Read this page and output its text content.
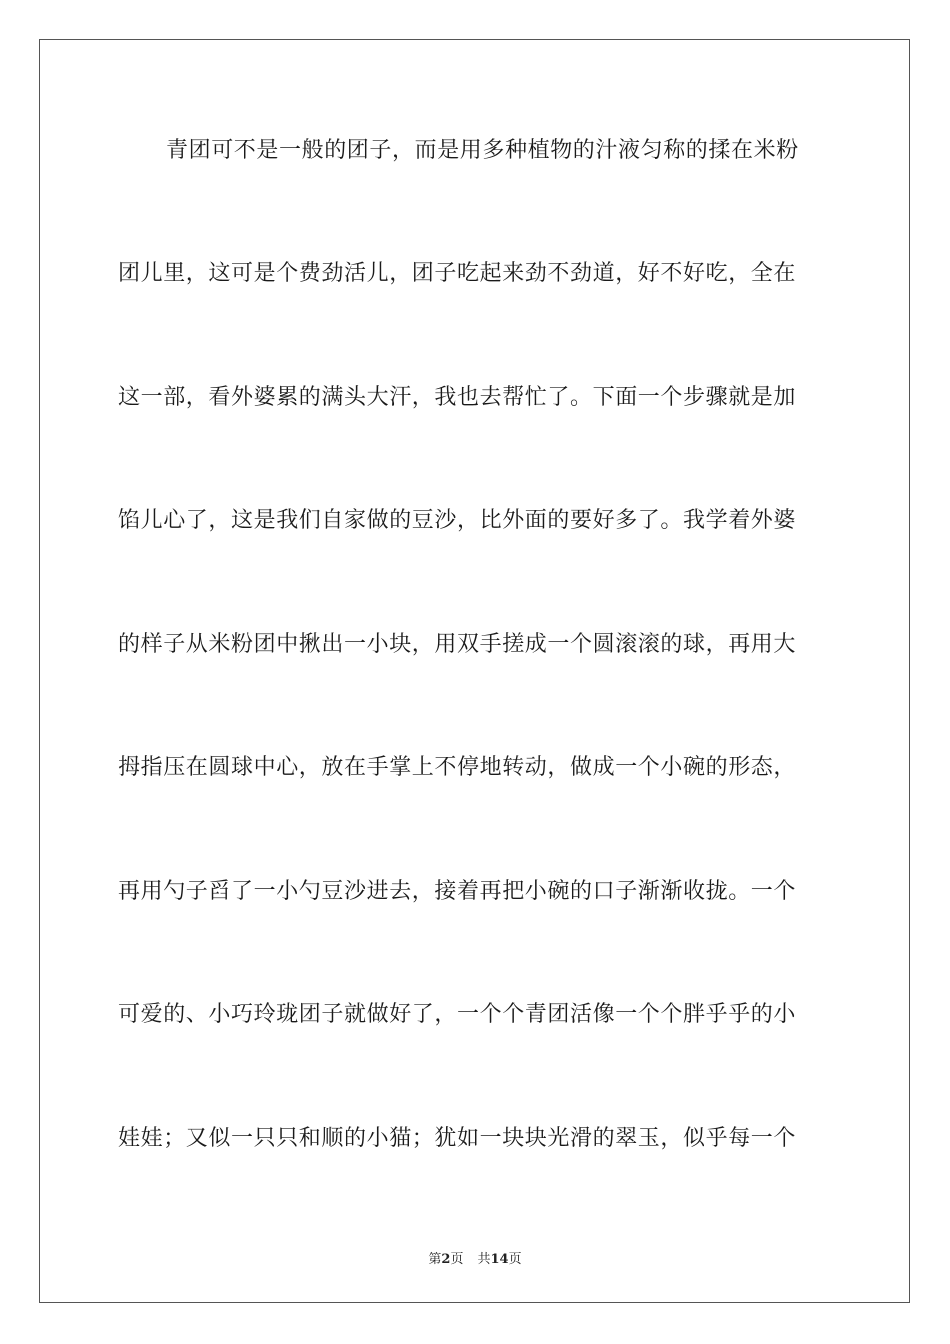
青团可不是一般的团子，而是用多种植物的汁液匀称的揉在米粉
团儿里，这可是个费劲活儿，团子吃起来劲不劲道，好不好吃，全在
这一部，看外婆累的满头大汗，我也去帮忙了。下面一个步骤就是加
馅儿心了，这是我们自家做的豆沙，比外面的要好多了。我学着外婆
的样子从米粉团中揪出一小块，用双手搓成一个圆滚滚的球，再用大
拇指压在圆球中心，放在手掌上不停地转动，做成一个小碗的形态，
再用勺子舀了一小勺豆沙进去，接着再把小碗的口子渐渐收拢。一个
可爱的、小巧玲珑团子就做好了，一个个青团活像一个个胖乎乎的小
娃娃；又似一只只和顺的小猫；犹如一块块光滑的翠玉，似乎每一个
第2页 共14页
